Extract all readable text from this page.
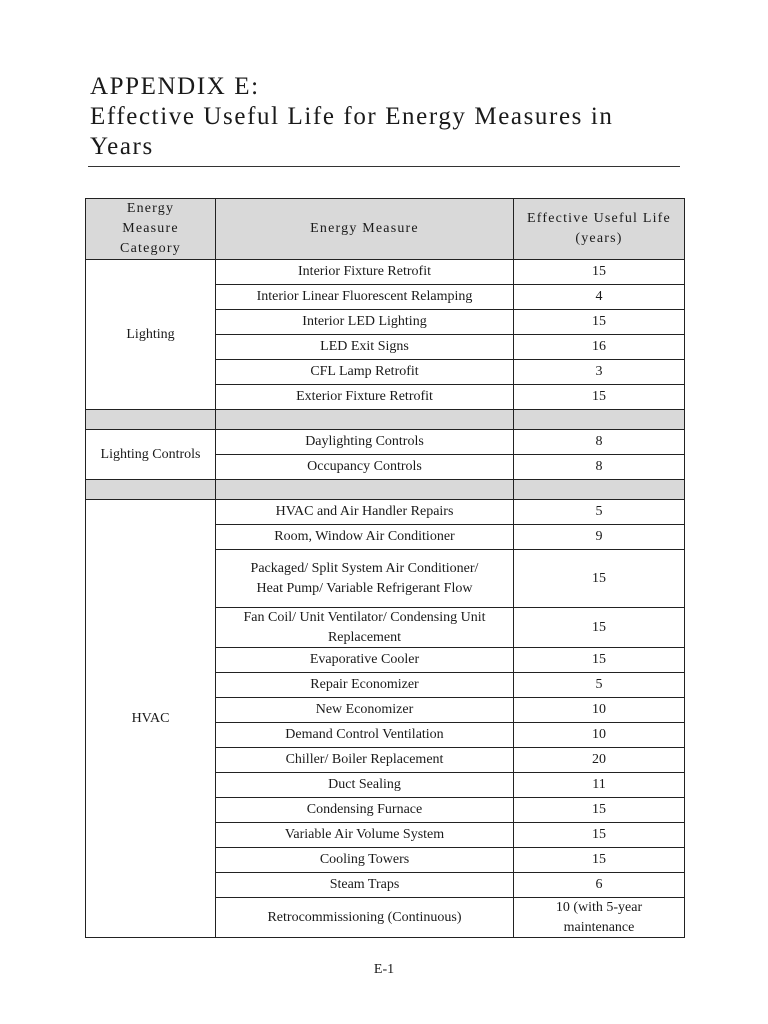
APPENDIX E:
Effective Useful Life for Energy Measures in
Years
Energy Measure Category	Energy Measure	Effective Useful Life (years)
Lighting	Interior Fixture Retrofit	15
	Interior Linear Fluorescent Relamping	4
	Interior LED Lighting	15
	LED Exit Signs	16
	CFL Lamp Retrofit	3
	Exterior Fixture Retrofit	15

Lighting Controls	Daylighting Controls	8
	Occupancy Controls	8

HVAC	HVAC and Air Handler Repairs	5
	Room, Window Air Conditioner	9
	Packaged/ Split System Air Conditioner/ Heat Pump/ Variable Refrigerant Flow	15
	Fan Coil/ Unit Ventilator/ Condensing Unit Replacement	15
	Evaporative Cooler	15
	Repair Economizer	5
	New Economizer	10
	Demand Control Ventilation	10
	Chiller/ Boiler Replacement	20
	Duct Sealing	11
	Condensing Furnace	15
	Variable Air Volume System	15
	Cooling Towers	15
	Steam Traps	6
	Retrocommissioning (Continuous)	10 (with 5-year maintenance
E-1
